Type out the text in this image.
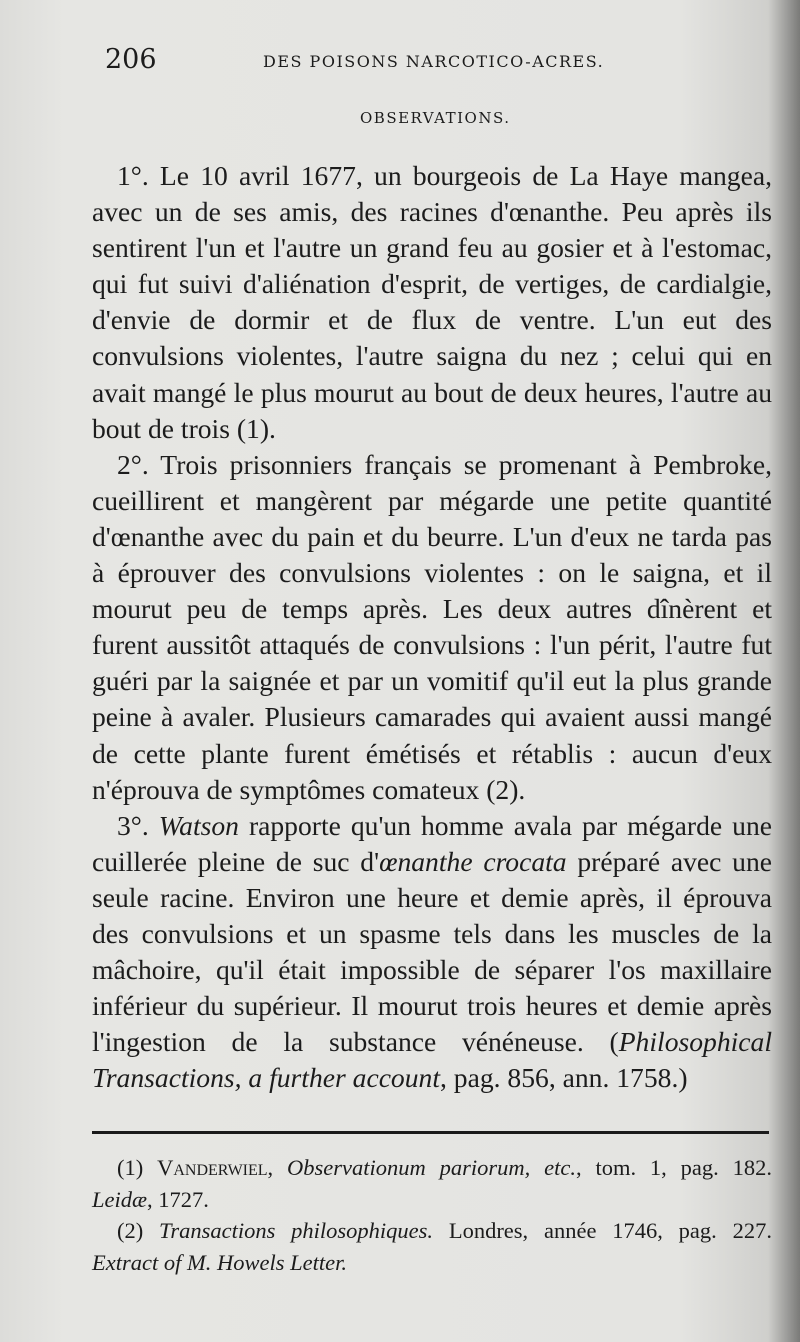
206	DES POISONS NARCOTICO-ACRES.
OBSERVATIONS.

1°. Le 10 avril 1677, un bourgeois de La Haye mangea, avec un de ses amis, des racines d'œnanthe. Peu après ils sentirent l'un et l'autre un grand feu au gosier et à l'estomac, qui fut suivi d'aliénation d'esprit, de vertiges, de cardialgie, d'envie de dormir et de flux de ventre. L'un eut des convulsions violentes, l'autre saigna du nez ; celui qui en avait mangé le plus mourut au bout de deux heures, l'autre au bout de trois (1).

2°. Trois prisonniers français se promenant à Pembroke, cueillirent et mangèrent par mégarde une petite quantité d'œnanthe avec du pain et du beurre. L'un d'eux ne tarda pas à éprouver des convulsions violentes : on le saigna, et il mourut peu de temps après. Les deux autres dînèrent et furent aussitôt attaqués de convulsions : l'un périt, l'autre fut guéri par la saignée et par un vomitif qu'il eut la plus grande peine à avaler. Plusieurs camarades qui avaient aussi mangé de cette plante furent émétisés et rétablis : aucun d'eux n'éprouva de symptômes comateux (2).

3°. Watson rapporte qu'un homme avala par mégarde une cuillerée pleine de suc d'œnanthe crocata préparé avec une seule racine. Environ une heure et demie après, il éprouva des convulsions et un spasme tels dans les muscles de la mâchoire, qu'il était impossible de séparer l'os maxillaire inférieur du supérieur. Il mourut trois heures et demie après l'ingestion de la substance vénéneuse. (Philosophical Transactions, a further account, pag. 856, ann. 1758.)

(1) Vanderwiel, Observationum pariorum, etc., tom. 1, pag. 182. Leidæ, 1727.

(2) Transactions philosophiques. Londres, année 1746, pag. 227. Extract of M. Howels Letter.
